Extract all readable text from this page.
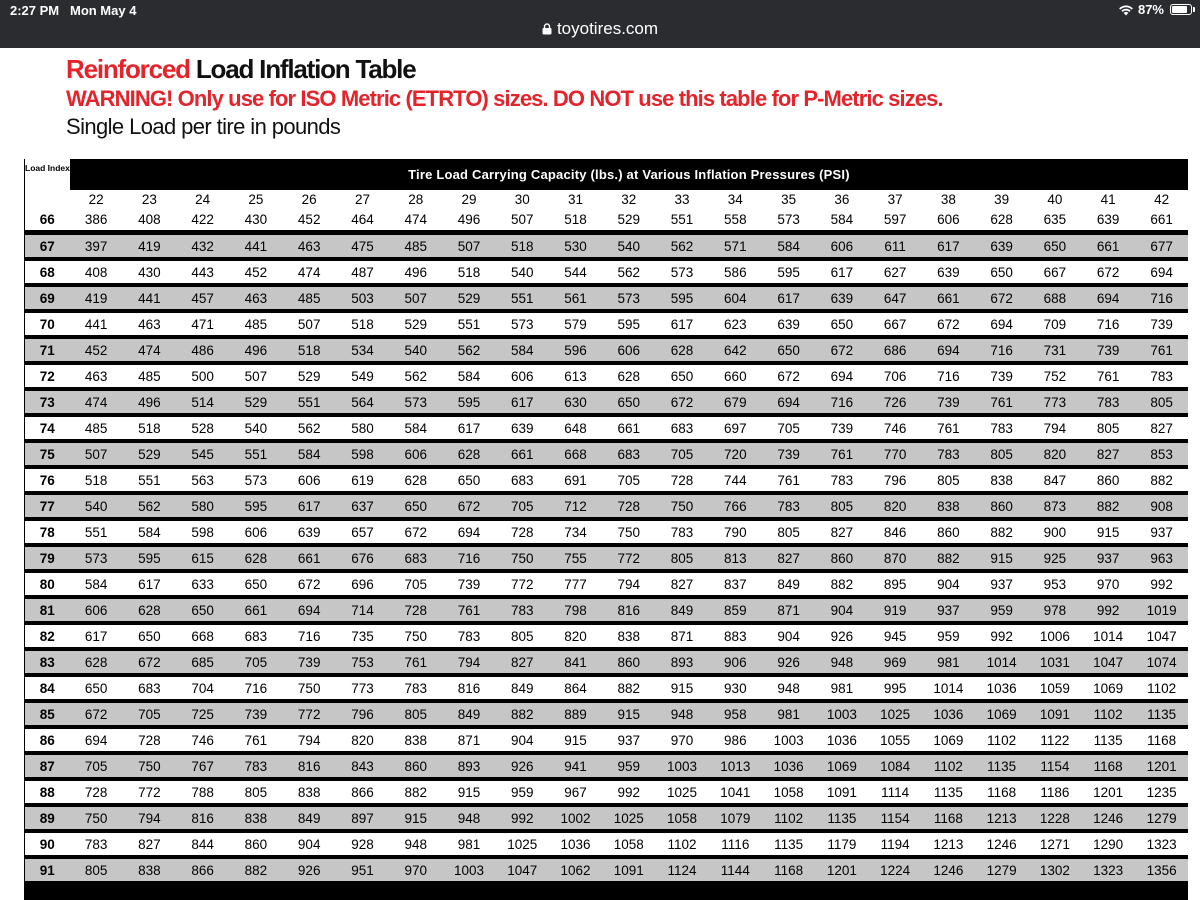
2:27 PM Mon May 4	87%
toyotires.com
Reinforced Load Inflation Table
WARNING! Only use for ISO Metric (ETRTO) sizes. DO NOT use this table for P-Metric sizes.
Single Load per tire in pounds
Load Index	Tire Load Carrying Capacity (lbs.) at Various Inflation Pressures (PSI)																				
	22	23	24	25	26	27	28	29	30	31	32	33	34	35	36	37	38	39	40	41	42
66	386	408	422	430	452	464	474	496	507	518	529	551	558	573	584	597	606	628	635	639	661
67	397	419	432	441	463	475	485	507	518	530	540	562	571	584	606	611	617	639	650	661	677
68	408	430	443	452	474	487	496	518	540	544	562	573	586	595	617	627	639	650	667	672	694
69	419	441	457	463	485	503	507	529	551	561	573	595	604	617	639	647	661	672	688	694	716
70	441	463	471	485	507	518	529	551	573	579	595	617	623	639	650	667	672	694	709	716	739
71	452	474	486	496	518	534	540	562	584	596	606	628	642	650	672	686	694	716	731	739	761
72	463	485	500	507	529	549	562	584	606	613	628	650	660	672	694	706	716	739	752	761	783
73	474	496	514	529	551	564	573	595	617	630	650	672	679	694	716	726	739	761	773	783	805
74	485	518	528	540	562	580	584	617	639	648	661	683	697	705	739	746	761	783	794	805	827
75	507	529	545	551	584	598	606	628	661	668	683	705	720	739	761	770	783	805	820	827	853
76	518	551	563	573	606	619	628	650	683	691	705	728	744	761	783	796	805	838	847	860	882
77	540	562	580	595	617	637	650	672	705	712	728	750	766	783	805	820	838	860	873	882	908
78	551	584	598	606	639	657	672	694	728	734	750	783	790	805	827	846	860	882	900	915	937
79	573	595	615	628	661	676	683	716	750	755	772	805	813	827	860	870	882	915	925	937	963
80	584	617	633	650	672	696	705	739	772	777	794	827	837	849	882	895	904	937	953	970	992
81	606	628	650	661	694	714	728	761	783	798	816	849	859	871	904	919	937	959	978	992	1019
82	617	650	668	683	716	735	750	783	805	820	838	871	883	904	926	945	959	992	1006	1014	1047
83	628	672	685	705	739	753	761	794	827	841	860	893	906	926	948	969	981	1014	1031	1047	1074
84	650	683	704	716	750	773	783	816	849	864	882	915	930	948	981	995	1014	1036	1059	1069	1102
85	672	705	725	739	772	796	805	849	882	889	915	948	958	981	1003	1025	1036	1069	1091	1102	1135
86	694	728	746	761	794	820	838	871	904	915	937	970	986	1003	1036	1055	1069	1102	1122	1135	1168
87	705	750	767	783	816	843	860	893	926	941	959	1003	1013	1036	1069	1084	1102	1135	1154	1168	1201
88	728	772	788	805	838	866	882	915	959	967	992	1025	1041	1058	1091	1114	1135	1168	1186	1201	1235
89	750	794	816	838	849	897	915	948	992	1002	1025	1058	1079	1102	1135	1154	1168	1213	1228	1246	1279
90	783	827	844	860	904	928	948	981	1025	1036	1058	1102	1116	1135	1179	1194	1213	1246	1271	1290	1323
91	805	838	866	882	926	951	970	1003	1047	1062	1091	1124	1144	1168	1201	1224	1246	1279	1302	1323	1356
